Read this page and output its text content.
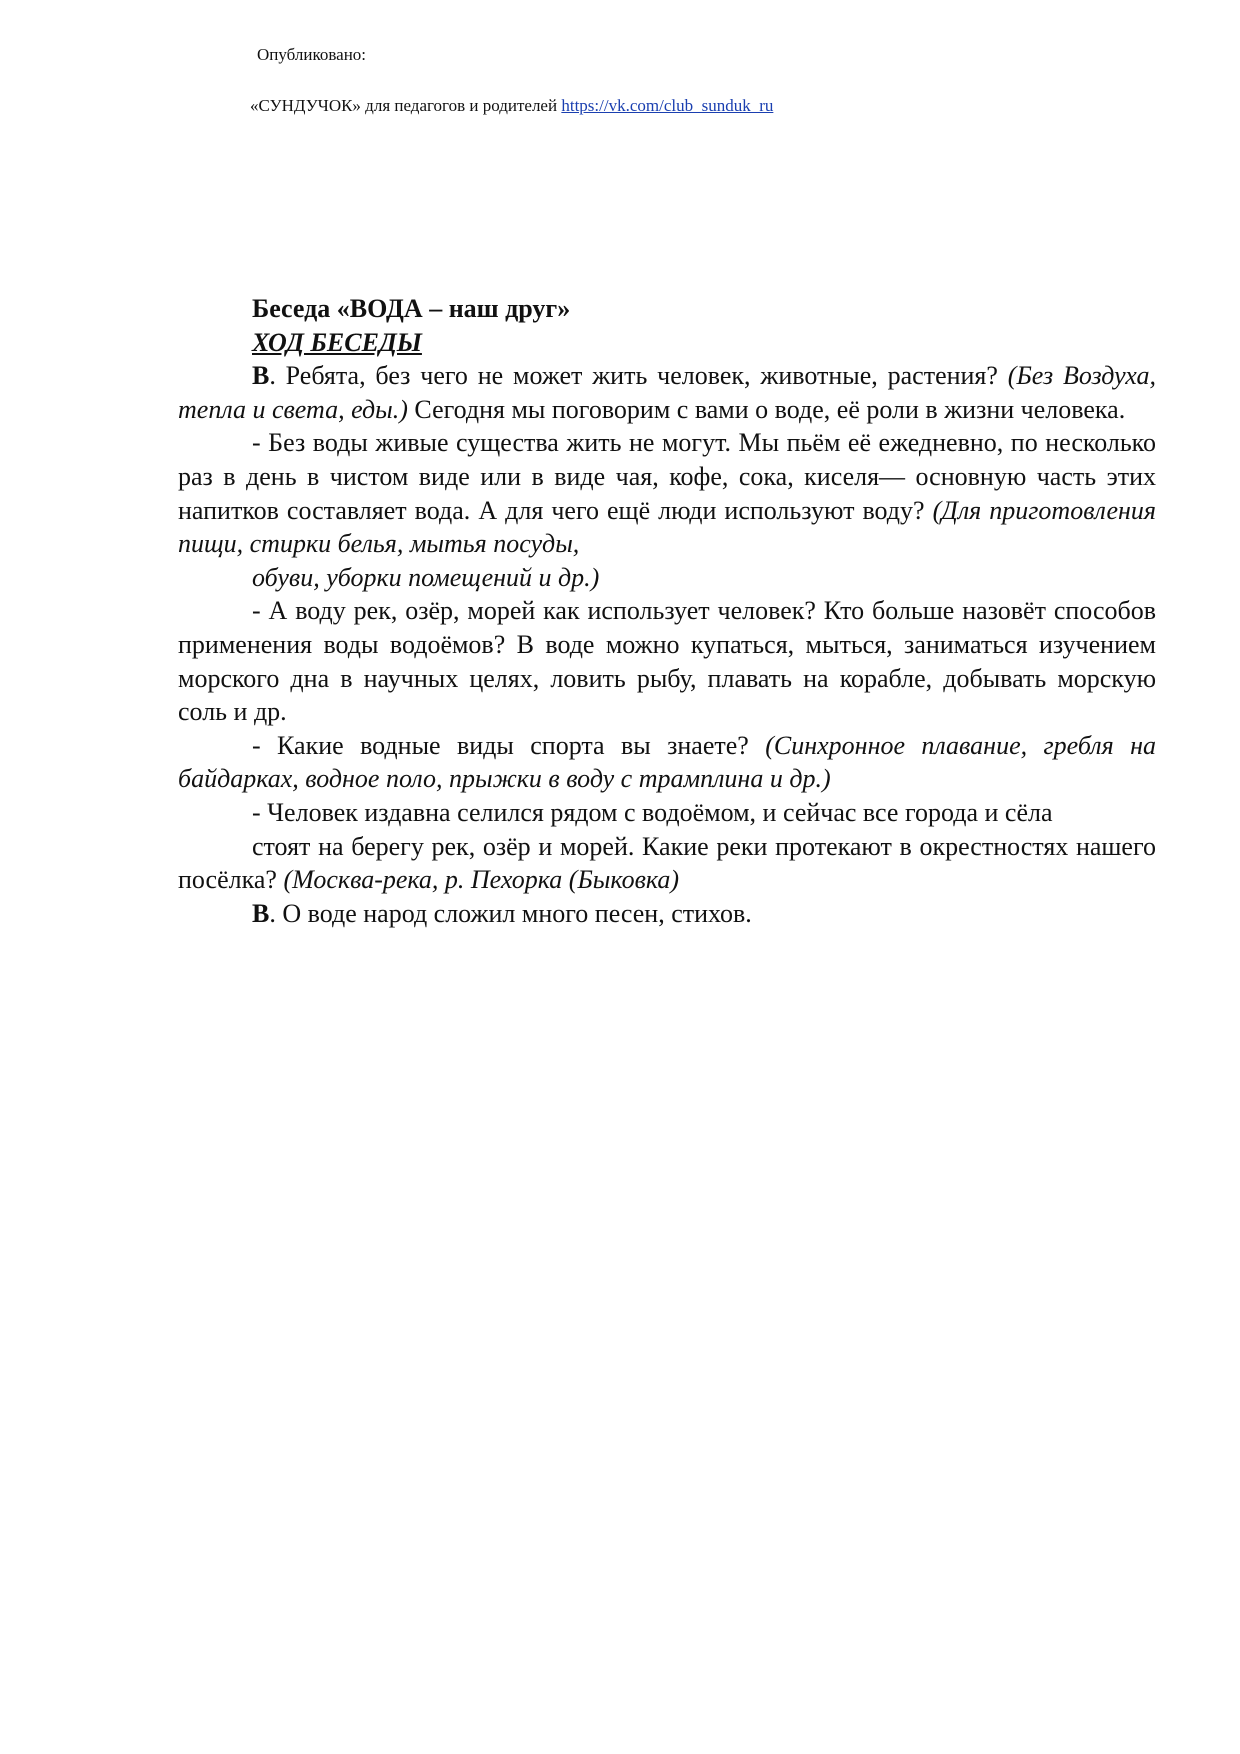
Опубликовано:
«СУНДУЧОК» для педагогов и родителей https://vk.com/club_sunduk_ru

Беседа «ВОДА – наш друг»

ХОД БЕСЕДЫ

В. Ребята, без чего не может жить человек, животные, растения? (Без Воздуха, тепла и света, еды.) Сегодня мы поговорим с вами о воде, её роли в жизни человека.

- Без воды живые существа жить не могут. Мы пьём её ежедневно, по несколько раз в день в чистом виде или в виде чая, кофе, сока, киселя— основную часть этих напитков составляет вода. А для чего ещё люди используют воду? (Для приготовления пищи, стирки белья, мытья посуды,

обуви, уборки помещений и др.)

- А воду рек, озёр, морей как использует человек? Кто больше назовёт способов применения воды водоёмов? В воде можно купаться, мыться, заниматься изучением морского дна в научных целях, ловить рыбу, плавать на корабле, добывать морскую соль и др.

- Какие водные виды спорта вы знаете? (Синхронное плавание, гребля на байдарках, водное поло, прыжки в воду с трамплина и др.)

- Человек издавна селился рядом с водоёмом, и сейчас все города и сёла

стоят на берегу рек, озёр и морей. Какие реки протекают в окрестностях нашего посёлка? (Москва-река, р. Пехорка (Быковка)

В. О воде народ сложил много песен, стихов.
